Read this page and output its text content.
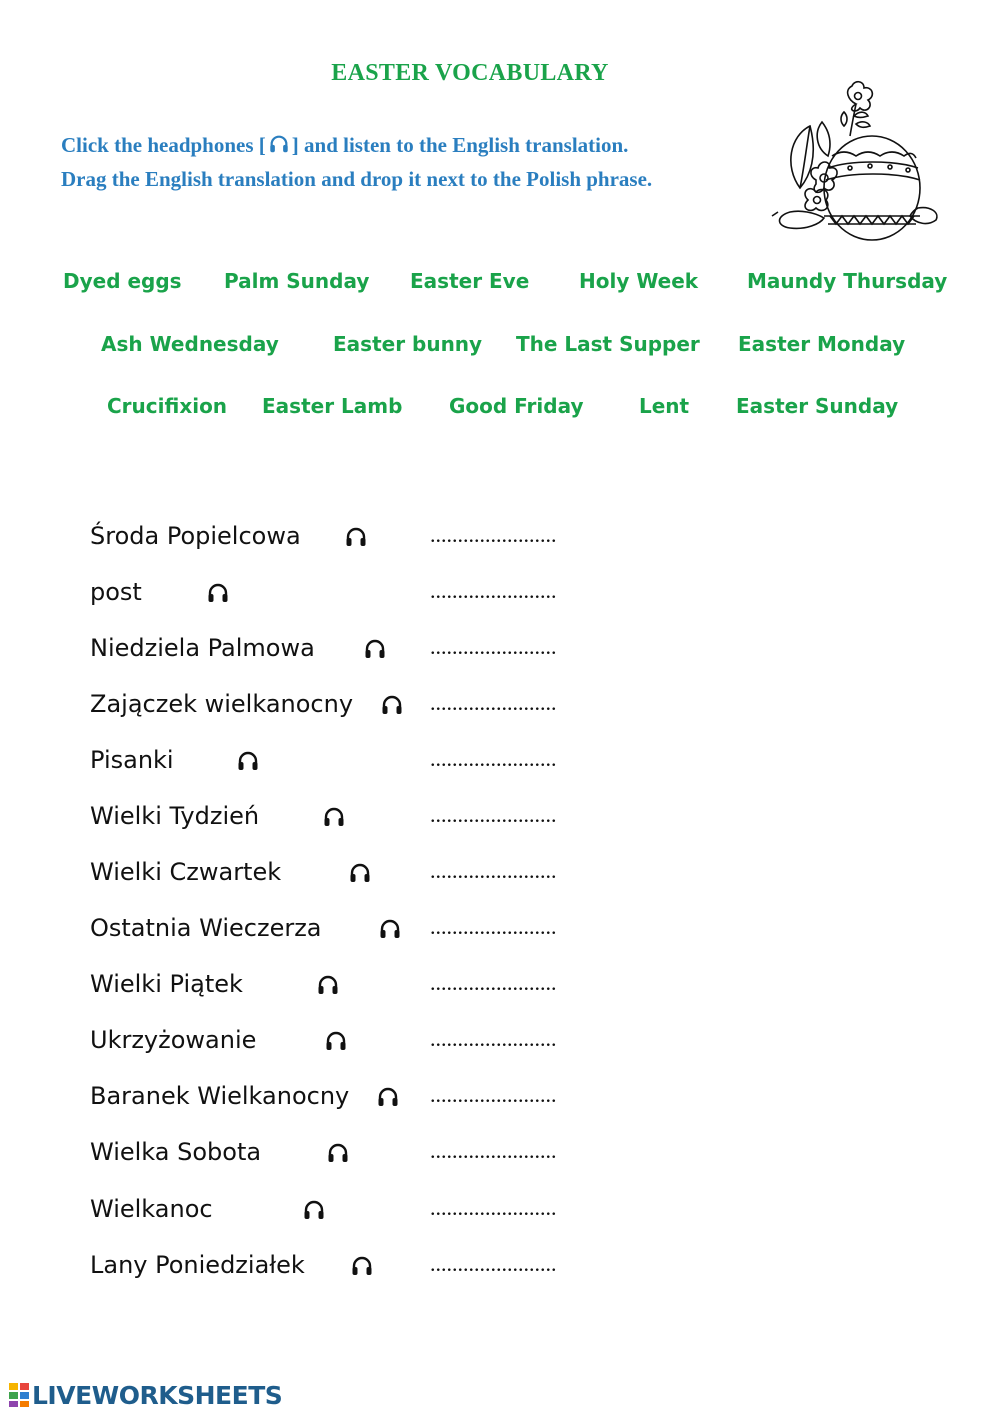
EASTER VOCABULARY
Click the headphones [ ] and listen to the English translation.
Drag the English translation and drop it next to the Polish phrase.
Dyed eggs Palm Sunday Easter Eve Holy Week Maundy Thursday
Ash Wednesday	Easter bunny The Last Supper Easter Monday
Crucifixion Easter Lamb Good Friday	Lent Easter Sunday
Środa Popielcowa	.......................
post	.......................
Niedziela Palmowa	.......................
Zajączek wielkanocny	.......................
Pisanki	.......................
Wielki Tydzień	.......................
Wielki Czwartek	.......................
Ostatnia Wieczerza	.......................
Wielki Piątek	.......................
Ukrzyżowanie	.......................
Baranek Wielkanocny	.......................
Wielka Sobota	.......................
Wielkanoc	.......................
Lany Poniedziałek	.......................
LIVEWORKSHEETS
